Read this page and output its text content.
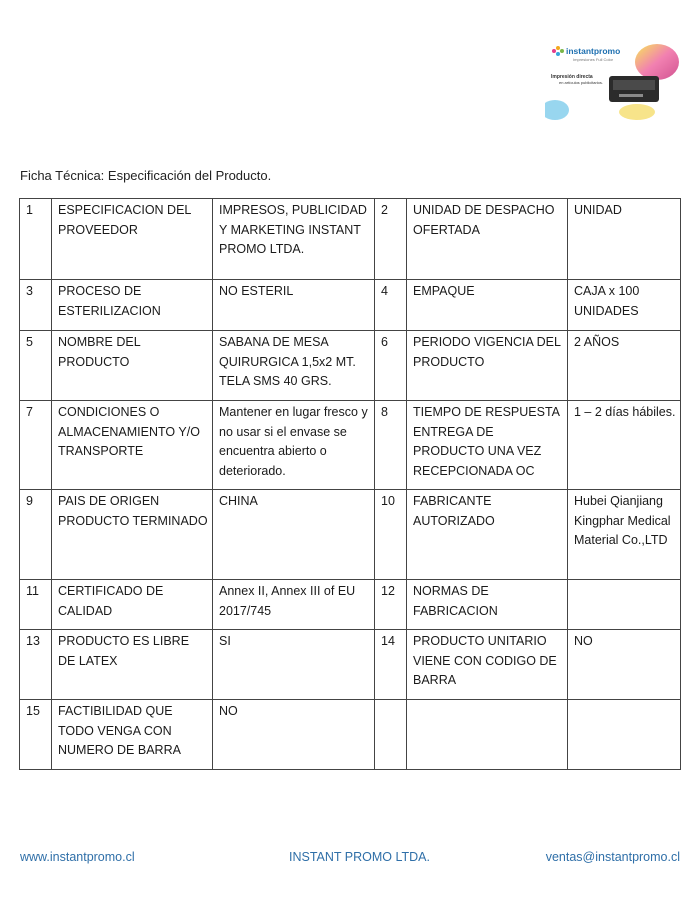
instantpromo
Impresiones Full Color
Impresión directa
en artículos publicitarios.
Ficha Técnica: Especificación del Producto.
1	ESPECIFICACION DEL PROVEEDOR	IMPRESOS, PUBLICIDAD Y MARKETING INSTANT PROMO LTDA.	2	UNIDAD DE DESPACHO OFERTADA	UNIDAD
3	PROCESO DE ESTERILIZACION	NO ESTERIL	4	EMPAQUE	CAJA x 100 UNIDADES
5	NOMBRE DEL PRODUCTO	SABANA DE MESA QUIRURGICA 1,5x2 MT. TELA SMS 40 GRS.	6	PERIODO VIGENCIA DEL PRODUCTO	2 AÑOS
7	CONDICIONES O ALMACENAMIENTO Y/O TRANSPORTE	Mantener en lugar fresco y no usar si el envase se encuentra abierto o deteriorado.	8	TIEMPO DE RESPUESTA ENTREGA DE PRODUCTO UNA VEZ RECEPCIONADA OC	1 – 2 días hábiles.
9	PAIS DE ORIGEN PRODUCTO TERMINADO	CHINA	10	FABRICANTE AUTORIZADO	Hubei Qianjiang Kingphar Medical Material Co.,LTD
11	CERTIFICADO DE CALIDAD	Annex II, Annex III of EU 2017/745	12	NORMAS DE FABRICACION	
13	PRODUCTO ES LIBRE DE LATEX	SI	14	PRODUCTO UNITARIO VIENE CON CODIGO DE BARRA	NO
15	FACTIBILIDAD QUE TODO VENGA CON NUMERO DE BARRA	NO			
www.instantpromo.cl	INSTANT PROMO LTDA.	ventas@instantpromo.cl
